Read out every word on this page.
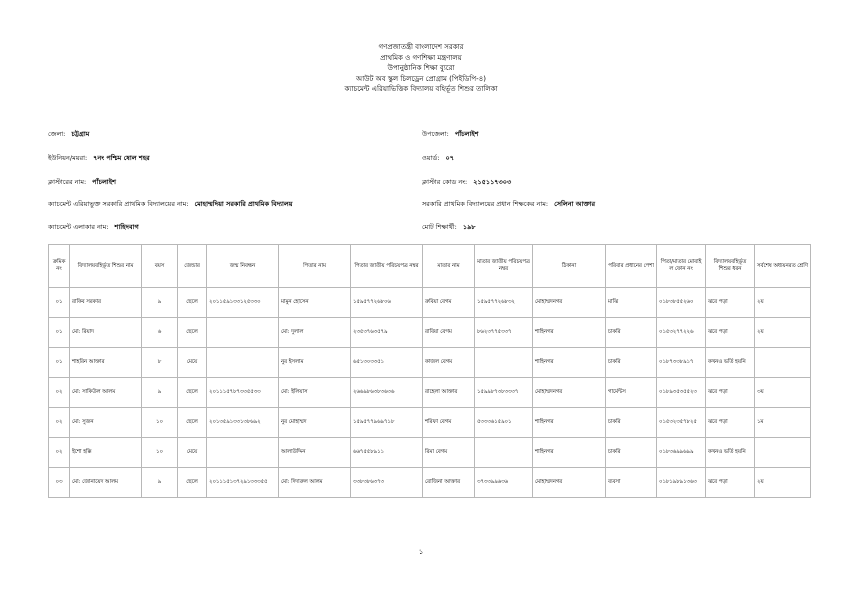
গণপ্রজাতন্ত্রী বাংলাদেশ সরকার
প্রাথমিক ও গণশিক্ষা মন্ত্রণালয়
উপানুষ্ঠানিক শিক্ষা ব্যুরো
আউট অব স্কুল চিলড্রেন প্রোগ্রাম (পিইডিপি-৪)
ক্যাচমেন্ট এরিয়াভিত্তিক বিদ্যালয় বহির্ভূত শিশুর তালিকা
জেলা: চট্টগ্রাম	উপজেলা: পাঁচলাইশ
ইউনিয়ন/ময়রা: ৭নং পশ্চিম ষোল শহর	ওয়ার্ড: ০৭
ক্লাস্টারের নাম: পাঁচলাইশ	ক্লাস্টার কোড নং: ২১৫১১৭৩০৩
ক্যাচমেন্ট এরিয়াভুক্ত সরকারি প্রাথমিক বিদ্যালয়ের নাম: মোহাম্মদিয়া সরকারি প্রাথমিক বিদ্যালয়	সরকারি প্রাথমিক বিদ্যালয়ের প্রধান শিক্ষকের নাম: সেলিনা আক্তার
ক্যাচমেন্ট এলাকার নাম: শাহিদবাগ	মোট শিক্ষার্থী: ১৯৮
ক্রমিক নং	বিদ্যালয়বহির্ভূত শিশুর নাম	বয়স	জেন্ডার	জন্ম নিবন্ধন	পিতার নাম	পিতার জাতীয় পরিচয়পত্র নম্বর	মাতার নাম	মাতার জাতীয় পরিচয়পত্র নম্বর	ঠিকানা	পরিবার প্রধানের পেশা	পিতা/মাতার মোবাইল ফোন নং	বিদ্যালয়বহির্ভূত শিশুর ধরন	সর্বশেষ অধ্যয়নরত শ্রেণি
০১	রাকিব সরকার	৯	ছেলে	২০১১৫৯১৩৩১২৫৩৩০	মামুন হোসেন	১৫৯৫৭৭২৬৮০৬	রুবিয়া বেগম	১৫৯৫৭৭২৬৮৩২	মোহাম্মদনগর	মাঝি	০১৮৩৮৫৫২৬০	ঝরে পড়া	২য়
০১	মো: রিয়াদ	৬	ছেলে		মো: দুলাল	২৩৫৩৭৬৩৫৭৯	রাবিয়া বেগম	৮৬২৩৭৭৫৩৩৭	শাহিনগর	চাকরি	০১৫৩২৭৭২২৬	ঝরে পড়া	২য়
০১	শাহরিন আক্তার	৮	মেয়ে		নুর ইসলাম	৬৫১৩০৩৩৫১	কাজল বেগম		শাহিনগর	চাকরি	০১৮৭৩৩৮৯১৭	কখনও ভর্তি হয়নি	
০২	মো: সাকিউল আলম	৯	ছেলে	২০১১১৫৭৮৭৩৩৫৫৩৩	মো: ইলিয়াস	২৬৬৯৮৬৩৮৩৬৩৬	রাহেলা আক্তার	১৫৯৯৮৭৩৮৩৩৩৭	মোহাম্মদনগর	গার্মেন্টস	০১৮৯৩৫৩৫৫২৩	ঝরে পড়া	৩য়
০২	মো: সুজন	১০	ছেলে	২০১৩৫৯১৩৩১৩৮৬৯২	নুর মোহাম্মদ	১৫৯৫৭৭৯৬৯৭১৮	শরিফা বেগম	৫৩৩৩৬১৫৯০১	শাহিনগর	চাকরি	০১৫৩২৩৫৭৮২৫	ঝরে পড়া	১ম
০২	ইশো হক্কি	১০	মেয়ে		আলাউদ্দিন	৬৬৭৫৫৮৯১১	রিমা বেগম		শাহিনগর	চাকরি	০১৮৩৬৯৯৬৯৯	কখনও ভর্তি হয়নি	
০৩	মো: জোনায়েদ আলম	৯	ছেলে	২০১১১৫১৩৭২৯১৩৩৩৫৫	মো: দিদারুল আলম	৩৩৮৩৮৬৩৭৩	রোজিনা আক্তার	৩৭৩৩৯৯৬৩৬	মোহাম্মদনগর	ব্যবসা	০১৮১৯৮৯১৩৬৩	ঝরে পড়া	২য়
১
